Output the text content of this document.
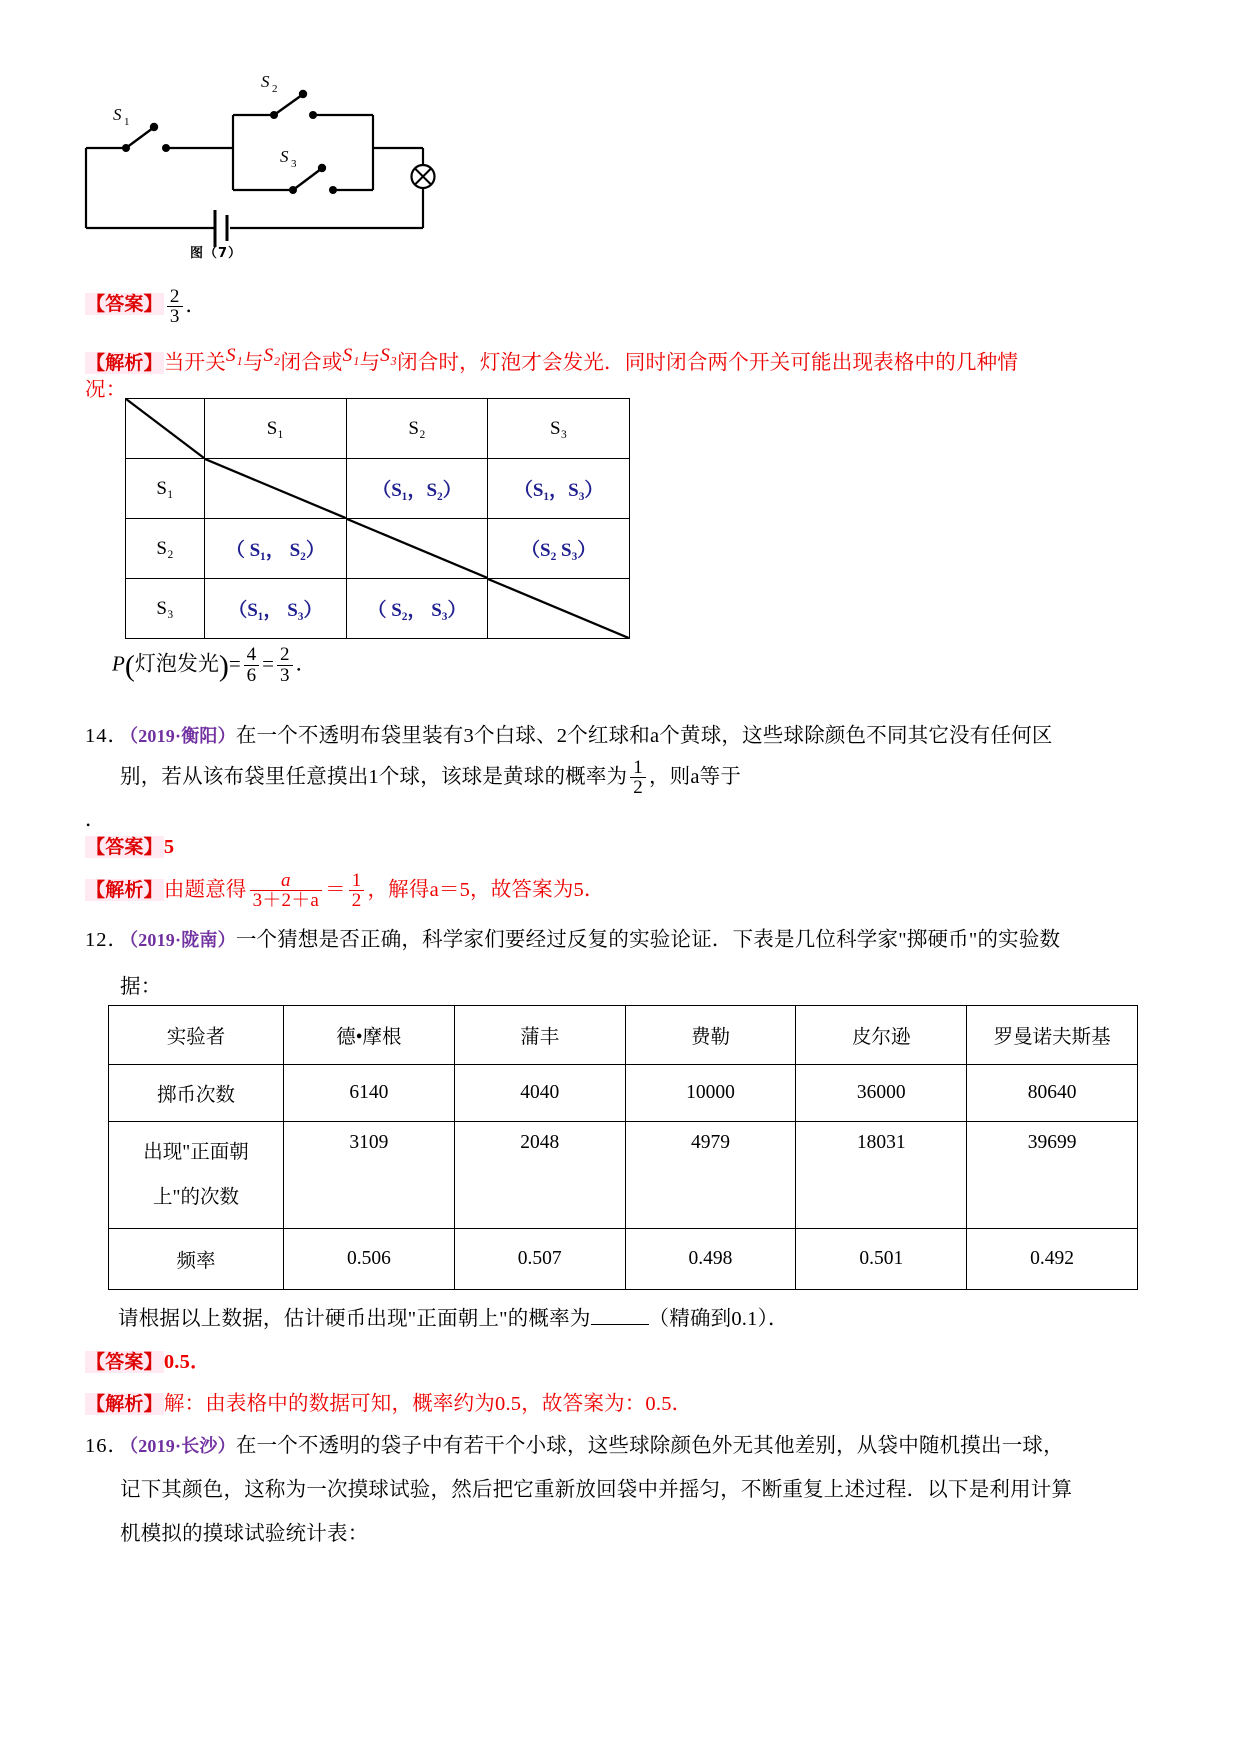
S 1
S 2
S 3
图（7）
【答案】 $\frac{2}{3}$ ．
【解析】当开关$^{S_1}$与$^{S_2}$闭合或$^{S_1}$与$^{S_3}$闭合时，灯泡才会发光．同时闭合两个开关可能出现表格中的几种情
况：
	S₁	S₂	S₃
S₁		（S₁，S₂）	（S₁，S₃）
S₂	（ S₁， S₂）		（S₂ S₃）
S₃	（S₁， S₃）	（ S₂， S₃）	
P(灯泡发光)= $\frac{4}{6} = \frac{2}{3}$ ．
14．（2019·衡阳）在一个不透明布袋里装有3个白球、2个红球和a个黄球，这些球除颜色不同其它没有任何区
别，若从该布袋里任意摸出1个球，该球是黄球的概率为 $\frac{1}{2}$ ，则a等于
．
【答案】5
【解析】由题意得 $\frac{a}{3+2+a} = \frac{1}{2}$ ，解得a＝5，故答案为5．
12．（2019·陇南）一个猜想是否正确，科学家们要经过反复的实验论证．下表是几位科学家"掷硬币"的实验数
据：
实验者	德•摩根	蒲丰	费勒	皮尔逊	罗曼诺夫斯基
掷币次数	6140	4040	10000	36000	80640
出现"正面朝
上"的次数	3109	2048	4979	18031	39699
频率	0.506	0.507	0.498	0.501	0.492
请根据以上数据，估计硬币出现"正面朝上"的概率为	（精确到0.1）．
【答案】0.5．
【解析】解：由表格中的数据可知，概率约为0.5，故答案为：0.5．
16．（2019·长沙）在一个不透明的袋子中有若干个小球，这些球除颜色外无其他差别，从袋中随机摸出一球，
记下其颜色，这称为一次摸球试验，然后把它重新放回袋中并摇匀，不断重复上述过程．以下是利用计算
机模拟的摸球试验统计表：
